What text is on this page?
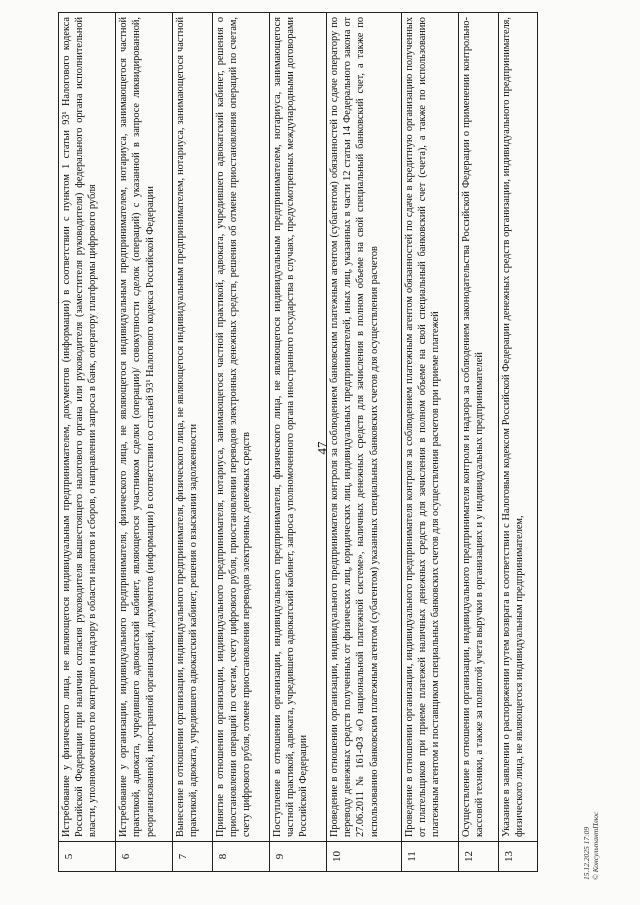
47
5	Истребование у физического лица, не являющегося индивидуальным предпринимателем, документов (информации) в соответствии с пунктом 1 статьи 93¹ Налогового кодекса Российской Федерации при наличии согласия руководителя вышестоящего налогового органа или руководителя (заместителя руководителя) федерального органа исполнительной власти, уполномоченного по контролю и надзору в области налогов и сборов, о направлении запроса в банк, оператору платформы цифрового рубля
6	Истребование у организации, индивидуального предпринимателя, физического лица, не являющегося индивидуальным предпринимателем, нотариуса, занимающегося частной практикой, адвоката, учредившего адвокатский кабинет, являющегося участником сделки (операции)/ совокупности сделок (операций) с указанной в запросе ликвидированной, реорганизованной, иностранной организацией, документов (информации) в соответствии со статьей 93¹ Налогового кодекса Российской Федерации
7	Вынесение в отношении организации, индивидуального предпринимателя, физического лица, не являющегося индивидуальным предпринимателем, нотариуса, занимающегося частной практикой, адвоката, учредившего адвокатский кабинет, решения о взыскании задолженности
8	Принятие в отношении организации, индивидуального предпринимателя, нотариуса, занимающегося частной практикой, адвоката, учредившего адвокатский кабинет, решения о приостановлении операций по счетам, счету цифрового рубля, приостановлении переводов электронных денежных средств, решения об отмене приостановления операций по счетам, счету цифрового рубля, отмене приостановления переводов электронных денежных средств
9	Поступление в отношении организации, индивидуального предпринимателя, физического лица, не являющегося индивидуальным предпринимателем, нотариуса, занимающегося частной практикой, адвоката, учредившего адвокатский кабинет, запроса уполномоченного органа иностранного государства в случаях, предусмотренных международными договорами Российской Федерации
10	Проведение в отношении организации, индивидуального предпринимателя контроля за соблюдением банковским платежным агентом (субагентом) обязанностей по сдаче оператору по переводу денежных средств полученных от физических лиц, юридических лиц, индивидуальных предпринимателей, иных лиц, указанных в части 12 статьи 14 Федерального закона от 27.06.2011 № 161-ФЗ «О национальной платежной системе», наличных денежных средств для зачисления в полном объеме на свой специальный банковский счет, а также по использованию банковским платежным агентом (субагентом) указанных специальных банковских счетов для осуществления расчетов
11	Проведение в отношении организации, индивидуального предпринимателя контроля за соблюдением платежным агентом обязанностей по сдаче в кредитную организацию полученных от плательщиков при приеме платежей наличных денежных средств для зачисления в полном объеме на свой специальный банковский счет (счета), а также по использованию платежным агентом и поставщиком специальных банковских счетов для осуществления расчетов при приеме платежей
12	Осуществление в отношении организации, индивидуального предпринимателя контроля и надзора за соблюдением законодательства Российской Федерации о применении контрольно-кассовой техники, а также за полнотой учета выручки в организациях и у индивидуальных предпринимателей
13	Указание в заявлении о распоряжении путем возврата в соответствии с Налоговым кодексом Российской Федерации денежных средств организации, индивидуального предпринимателя, физического лица, не являющегося индивидуальным предпринимателем,
15.12.2025 17:09 © КонсультантПлюс
